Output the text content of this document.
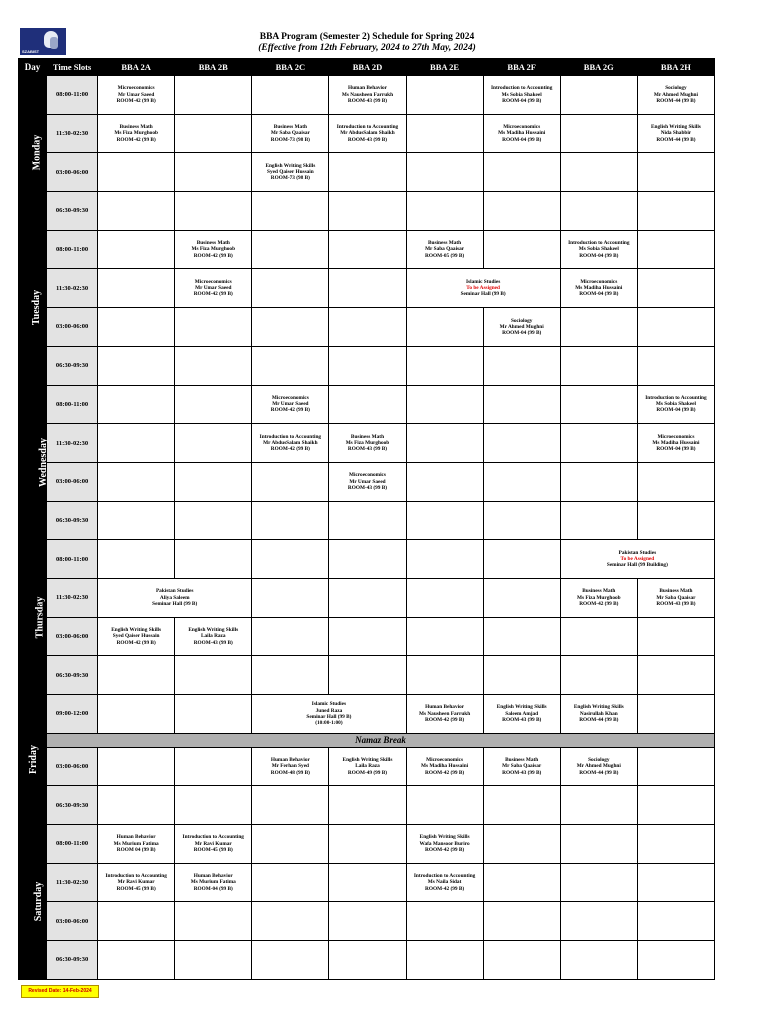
SZABIST
BBA Program (Semester 2) Schedule for Spring 2024
(Effective from 12th February, 2024 to 27th May, 2024)
Day	Time Slots	BBA 2A	BBA 2B	BBA 2C	BBA 2D	BBA 2E	BBA 2F	BBA 2G	BBA 2H
Monday	08:00-11:00	Microeconomics
Mr Umar Saeed
ROOM-42 (99 B)			Human Behavior
Ms Nausheen Farrukh
ROOM-43 (99 B)		Introduction to Accounting
Ms Sobia Shakeel
ROOM-04 (99 B)		Sociology
Mr Ahmed Mughni
ROOM-44 (99 B)

	11:30-02:30	Business Math
Ms Fiza Murghoob
ROOM-42 (99 B)		Business Math
Mr Saba Qaaisar
ROOM-73 (98 B)	Introduction to Accounting
Mr AbdusSalam Shaikh
ROOM-43 (99 B)		Microeconomics
Ms Madiha Hussaini
ROOM-04 (99 B)		English Writing Skills
Nida Shabbir
ROOM-44 (99 B)

	03:00-06:00			English Writing Skills
Syed Qaiser Hussain
ROOM-73 (98 B)					

	06:30-09:30								
Tuesday	08:00-11:00		Business Math
Ms Fiza Murghoob
ROOM-42 (99 B)			Business Math
Mr Saba Qaaisar
ROOM-05 (99 B)		Introduction to Accounting
Ms Sobia Shakeel
ROOM-04 (99 B)	

	11:30-02:30		Microeconomics
Mr Umar Saeed
ROOM-42 (99 B)			Islamic Studies
To be Assigned
Seminar Hall (99 B)		Microeconomics
Ms Madiha Hussaini
ROOM-04 (99 B)	

	03:00-06:00						Sociology
Mr Ahmed Mughni
ROOM-04 (99 B)		

	06:30-09:30								
Wednesday	08:00-11:00			Microeconomics
Mr Umar Saeed
ROOM-42 (99 B)					Introduction to Accounting
Ms Sobia Shakeel
ROOM-04 (99 B)

	11:30-02:30			Introduction to Accounting
Mr AbdusSalam Shaikh
ROOM-42 (99 B)	Business Math
Ms Fiza Murghoob
ROOM-43 (99 B)				Microeconomics
Ms Madiha Hussaini
ROOM-04 (99 B)

	03:00-06:00				Microeconomics
Mr Umar Saeed
ROOM-43 (99 B)				

	06:30-09:30								
Thursday	08:00-11:00							Pakistan Studies
To be Assigned
Seminar Hall (99 Building)	

	11:30-02:30	Pakistan Studies
Aliya Saleem
Seminar Hall (99 B)						Business Math
Ms Fiza Murghoob
ROOM-42 (99 B)	Business Math
Mr Saba Qaaisar
ROOM-43 (99 B)

	03:00-06:00	English Writing Skills
Syed Qaiser Hussain
ROOM-42 (99 B)	English Writing Skills
Laila Raza
ROOM-43 (99 B)						

	06:30-09:30								
Friday	09:00-12:00			Islamic Studies
Juned Raza
Seminar Hall (99 B)
(10:00-1:00)		Human Behavior
Ms Nausheen Farrukh
ROOM-42 (99 B)	English Writing Skills
Saleem Amjad
ROOM-43 (99 B)	English Writing Skills
Nasirullah Khan
ROOM-44 (99 B)	

	Namaz Break								
	03:00-06:00			Human Behavior
Mr Ferhan Syed
ROOM-48 (99 B)	English Writing Skills
Laila Raza
ROOM-49 (99 B)	Microeconomics
Ms Madiha Hussaini
ROOM-42 (99 B)	Business Math
Mr Saba Qaaisar
ROOM-43 (99 B)	Sociology
Mr Ahmed Mughni
ROOM-44 (99 B)	

	06:30-09:30								
Saturday	08:00-11:00	Human Behavior
Ms Murium Fatima
ROOM 04 (99 B)	Introduction to Accounting
Mr Ravi Kumar
ROOM-45 (99 B)			English Writing Skills
Wafa Mansoor Buriro
ROOM-42 (99 B)			

	11:30-02:30	Introduction to Accounting
Mr Ravi Kumar
ROOM-45 (99 B)	Human Behavior
Ms Murium Fatima
ROOM-04 (99 B)			Introduction to Accounting
Ms Naila Sidat
ROOM-42 (99 B)			

	03:00-06:00								
	06:30-09:30								
Revised Date: 14-Feb-2024
